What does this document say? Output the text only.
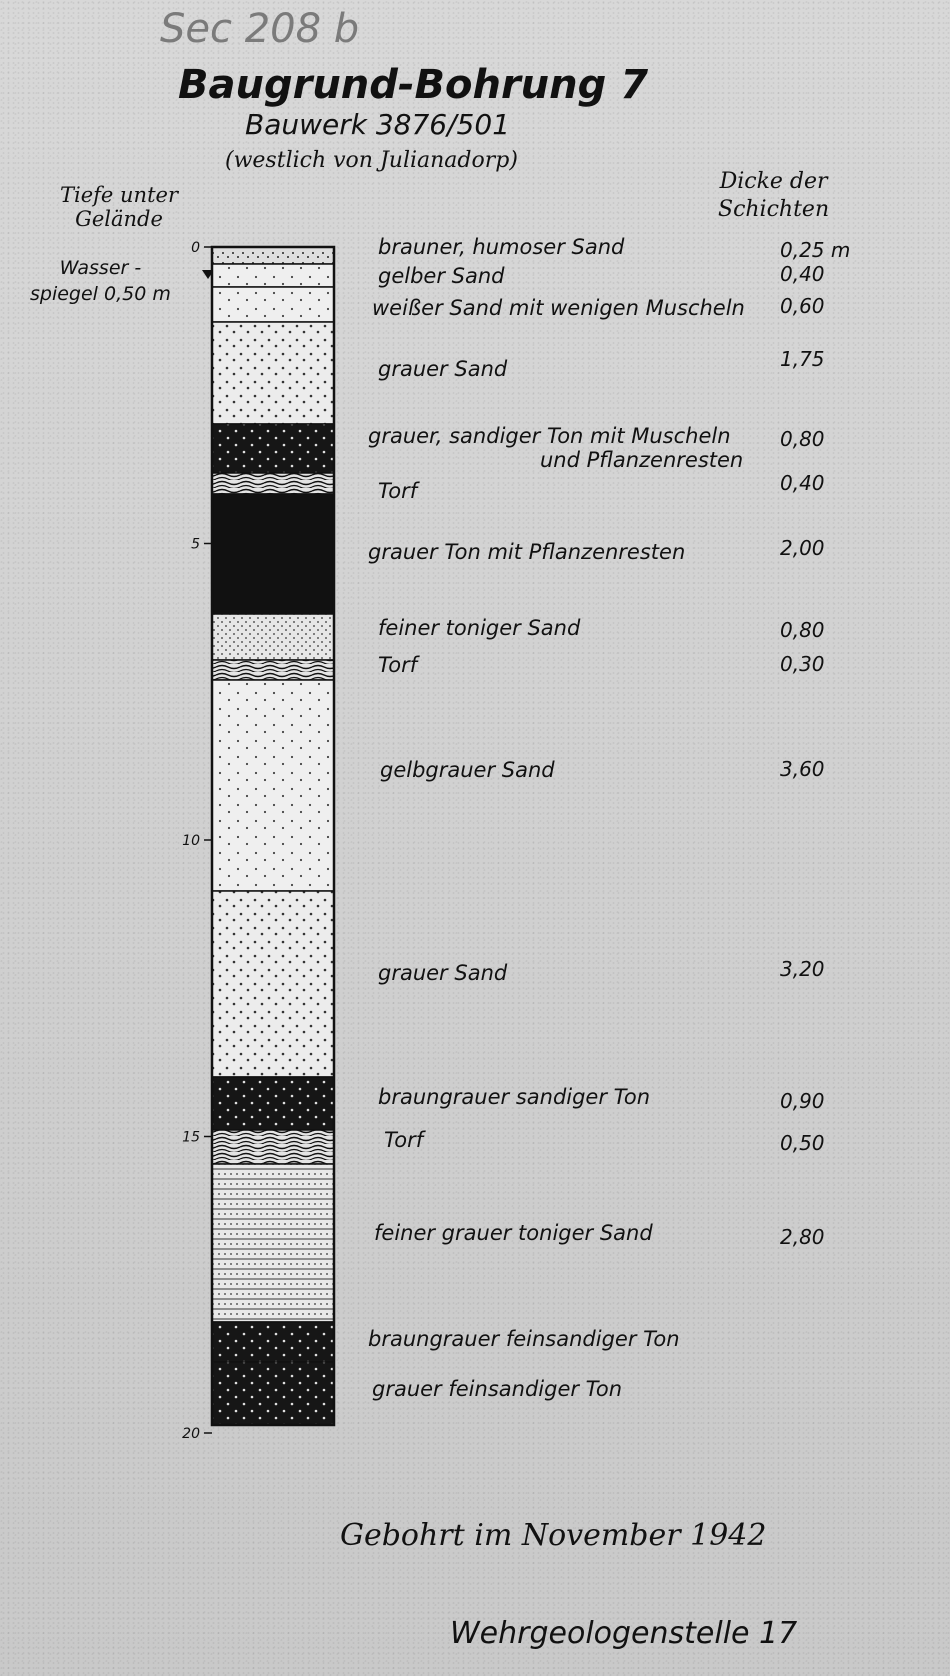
Sec 208 b
Baugrund-Bohrung 7
Bauwerk 3876/501
(westlich von Julianadorp)
Tiefe unter
Gelände
Dicke der
Schichten
Wasser -
spiegel 0,50 m
0
5
10
15
20
brauner, humoser Sand	0,25 m
gelber Sand	0,40
weißer Sand mit wenigen Muscheln 0,60
grauer Sand	1,75
grauer, sandiger Ton mit Muscheln
und Pflanzenresten
0,80
Torf	0,40
grauer Ton mit Pflanzenresten	2,00
feiner toniger Sand	0,80
Torf	0,30
gelbgrauer Sand	3,60
grauer Sand	3,20
braungrauer sandiger Ton	0,90
Torf	0,50
feiner grauer toniger Sand	2,80
braungrauer feinsandiger Ton
grauer feinsandiger Ton
Gebohrt im November 1942
Wehrgeologenstelle 17
